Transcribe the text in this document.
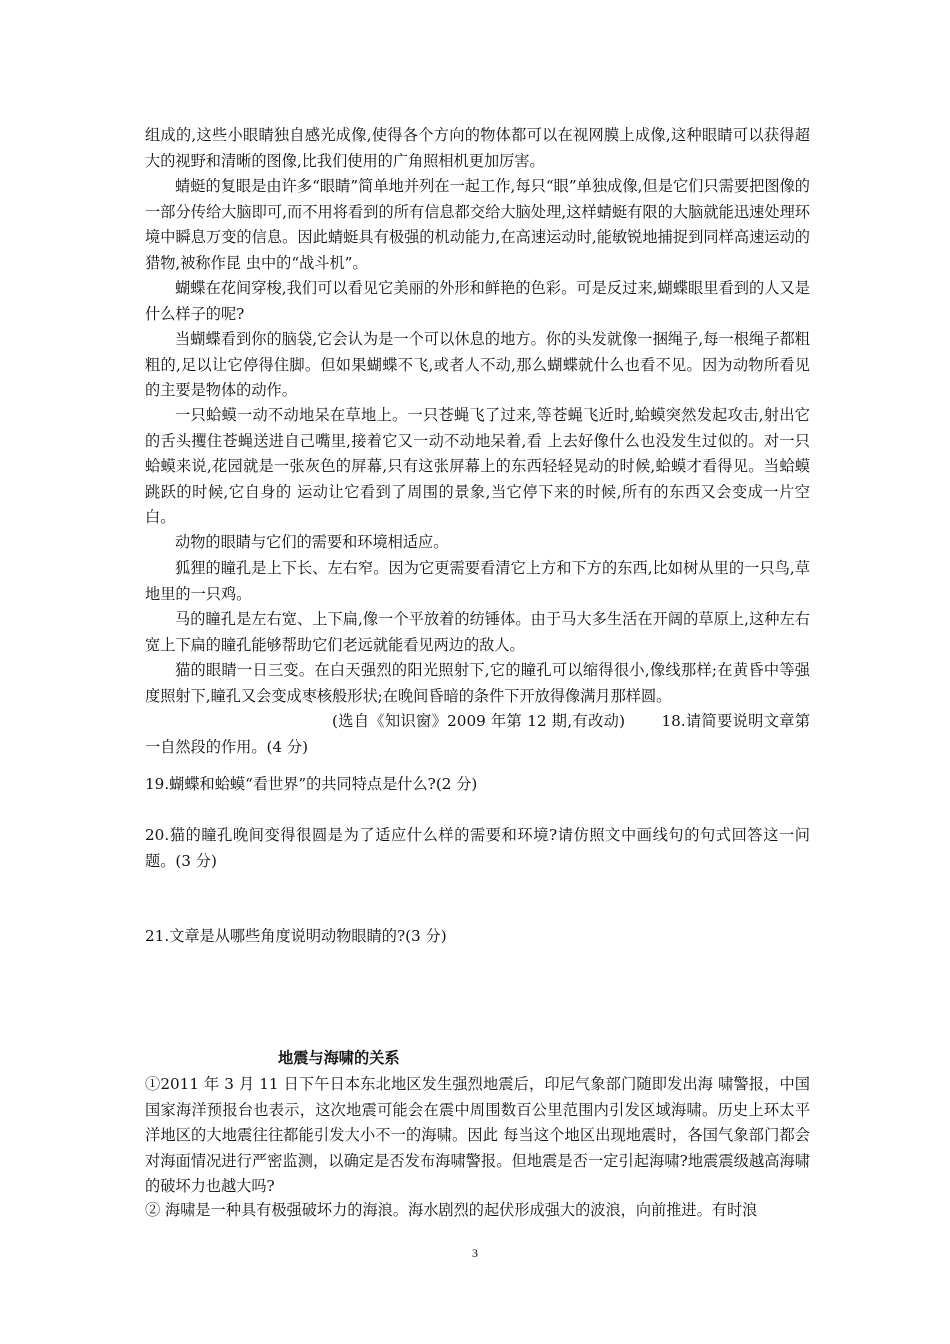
组成的,这些小眼睛独自感光成像,使得各个方向的物体都可以在视网膜上成像,这种眼睛可以获得超大的视野和清晰的图像,比我们使用的广角照相机更加厉害。

蜻蜓的复眼是由许多“眼睛”简单地并列在一起工作,每只“眼”单独成像,但是它们只需要把图像的一部分传给大脑即可,而不用将看到的所有信息都交给大脑处理,这样蜻蜓有限的大脑就能迅速处理环境中瞬息万变的信息。因此蜻蜓具有极强的机动能力,在高速运动时,能敏锐地捕捉到同样高速运动的猎物,被称作昆 虫中的“战斗机”。

蝴蝶在花间穿梭,我们可以看见它美丽的外形和鲜艳的色彩。可是反过来,蝴蝶眼里看到的人又是什么样子的呢?

当蝴蝶看到你的脑袋,它会认为是一个可以休息的地方。你的头发就像一捆绳子,每一根绳子都粗粗的,足以让它停得住脚。但如果蝴蝶不飞,或者人不动,那么蝴蝶就什么也看不见。因为动物所看见的主要是物体的动作。

一只蛤蟆一动不动地呆在草地上。一只苍蝇飞了过来,等苍蝇飞近时,蛤蟆突然发起攻击,射出它的舌头攫住苍蝇送进自己嘴里,接着它又一动不动地呆着,看 上去好像什么也没发生过似的。对一只蛤蟆来说,花园就是一张灰色的屏幕,只有这张屏幕上的东西轻轻晃动的时候,蛤蟆才看得见。当蛤蟆跳跃的时候,它自身的 运动让它看到了周围的景象,当它停下来的时候,所有的东西又会变成一片空白。

动物的眼睛与它们的需要和环境相适应。

狐狸的瞳孔是上下长、左右窄。因为它更需要看清它上方和下方的东西,比如树从里的一只鸟,草地里的一只鸡。

马的瞳孔是左右宽、上下扁,像一个平放着的纺锤体。由于马大多生活在开阔的草原上,这种左右宽上下扁的瞳孔能够帮助它们老远就能看见两边的敌人。

猫的眼睛一日三变。在白天强烈的阳光照射下,它的瞳孔可以缩得很小,像线那样;在黄昏中等强度照射下,瞳孔又会变成枣核般形状;在晚间昏暗的条件下开放得像满月那样圆。

(选自《知识窗》2009 年第 12 期,有改动) 18.请简要说明文章第一自然段的作用。(4 分)

19.蝴蝶和蛤蟆“看世界”的共同特点是什么?(2 分)

20.猫的瞳孔晚间变得很圆是为了适应什么样的需要和环境?请仿照文中画线句的句式回答这一问题。(3 分)

21.文章是从哪些角度说明动物眼睛的?(3 分)

地震与海啸的关系

①2011 年 3 月 11 日下午日本东北地区发生强烈地震后，印尼气象部门随即发出海 啸警报，中国国家海洋预报台也表示，这次地震可能会在震中周围数百公里范围内引发区域海啸。历史上环太平洋地区的大地震往往都能引发大小不一的海啸。因此 每当这个地区出现地震时，各国气象部门都会对海面情况进行严密监测，以确定是否发布海啸警报。但地震是否一定引起海啸?地震震级越高海啸的破坏力也越大吗?

② 海啸是一种具有极强破坏力的海浪。海水剧烈的起伏形成强大的波浪，向前推进。有时浪

3
